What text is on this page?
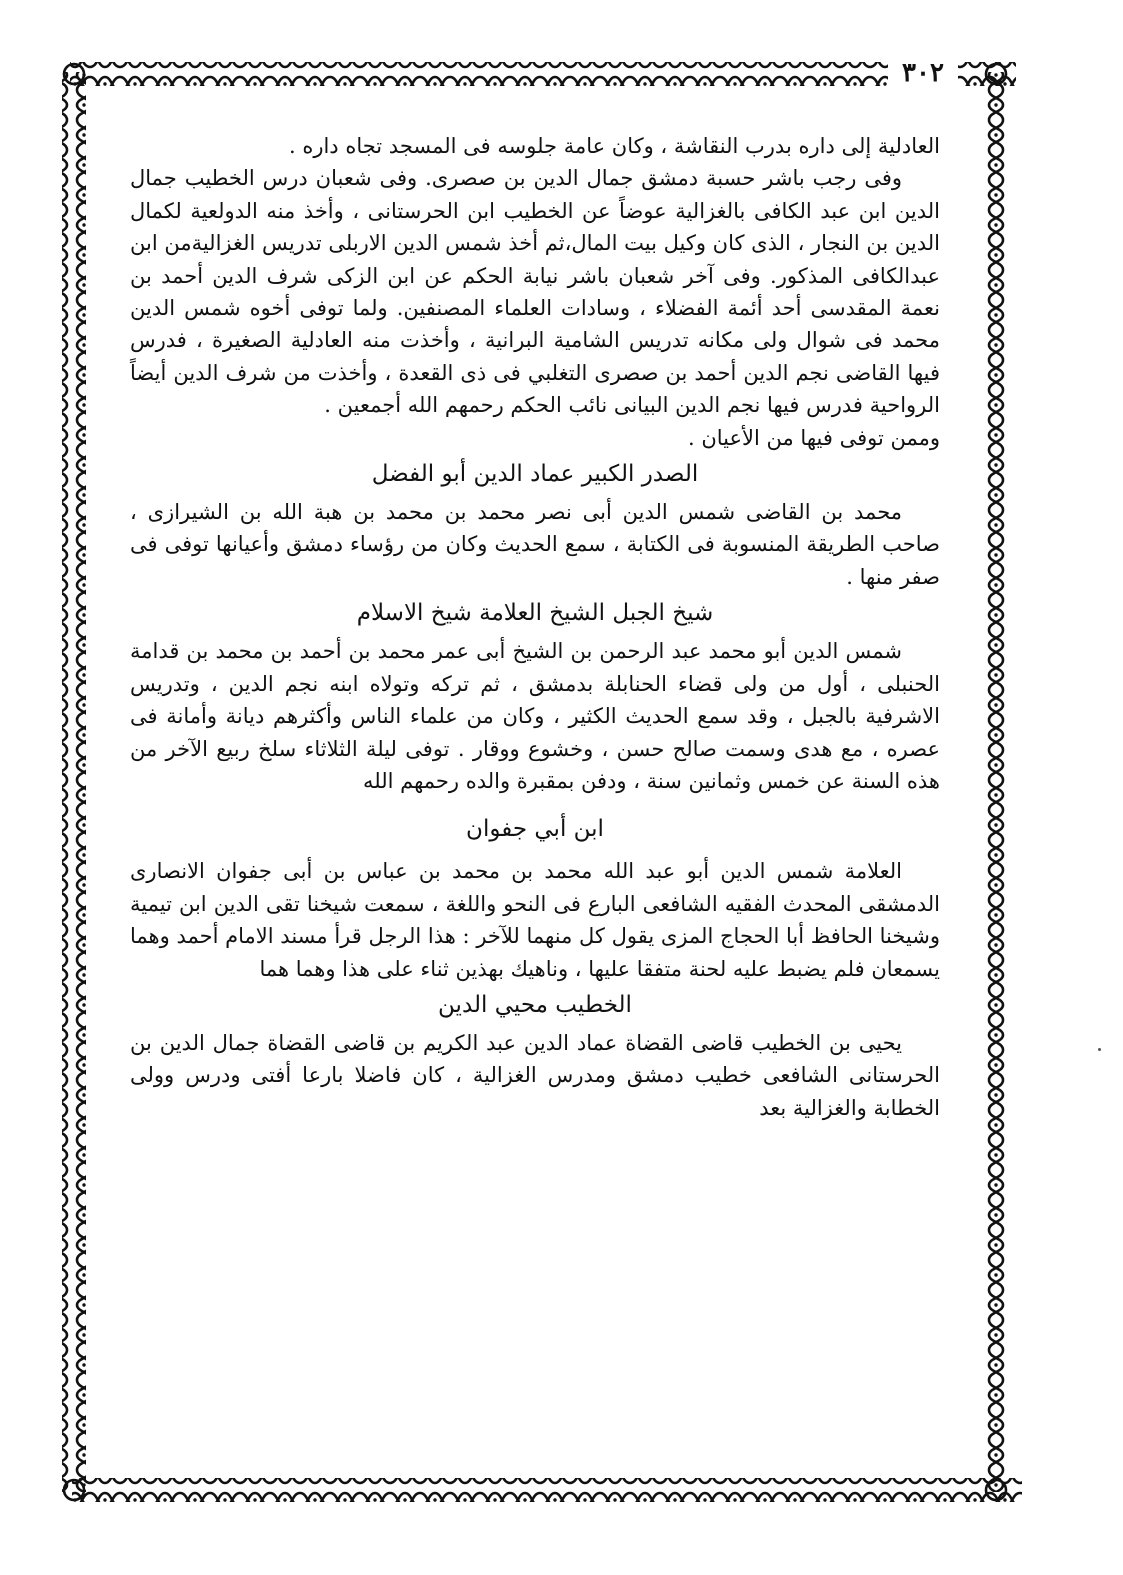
٣٠٢

العادلية إلى داره بدرب النقاشة ، وكان عامة جلوسه فى المسجد تجاه داره .

وفى رجب باشر حسبة دمشق جمال الدين بن صصرى. وفى شعبان درس الخطيب جمال الدين ابن عبد الكافى بالغزالية عوضاً عن الخطيب ابن الحرستانى ، وأخذ منه الدولعية لكمال الدين بن النجار ، الذى كان وكيل بيت المال،ثم أخذ شمس الدين الاربلى تدريس الغزاليةمن ابن عبدالكافى المذكور. وفى آخر شعبان باشر نيابة الحكم عن ابن الزكى شرف الدين أحمد بن نعمة المقدسى أحد أئمة الفضلاء ، وسادات العلماء المصنفين. ولما توفى أخوه شمس الدين محمد فى شوال ولى مكانه تدريس الشامية البرانية ، وأخذت منه العادلية الصغيرة ، فدرس فيها القاضى نجم الدين أحمد بن صصرى التغلبي فى ذى القعدة ، وأخذت من شرف الدين أيضاً الرواحية فدرس فيها نجم الدين البيانى نائب الحكم رحمهم الله أجمعين .

وممن توفى فيها من الأعيان .

الصدر الكبير عماد الدين أبو الفضل

محمد بن القاضى شمس الدين أبى نصر محمد بن محمد بن هبة الله بن الشيرازى ، صاحب الطريقة المنسوبة فى الكتابة ، سمع الحديث وكان من رؤساء دمشق وأعيانها توفى فى صفر منها .

شيخ الجبل الشيخ العلامة شيخ الاسلام

شمس الدين أبو محمد عبد الرحمن بن الشيخ أبى عمر محمد بن أحمد بن محمد بن قدامة الحنبلى ، أول من ولى قضاء الحنابلة بدمشق ، ثم تركه وتولاه ابنه نجم الدين ، وتدريس الاشرفية بالجبل ، وقد سمع الحديث الكثير ، وكان من علماء الناس وأكثرهم ديانة وأمانة فى عصره ، مع هدى وسمت صالح حسن ، وخشوع ووقار . توفى ليلة الثلاثاء سلخ ربيع الآخر من هذه السنة عن خمس وثمانين سنة ، ودفن بمقبرة والده رحمهم الله

ابن أبي جفوان

العلامة شمس الدين أبو عبد الله محمد بن محمد بن عباس بن أبى جفوان الانصارى الدمشقى المحدث الفقيه الشافعى البارع فى النحو واللغة ، سمعت شيخنا تقى الدين ابن تيمية وشيخنا الحافظ أبا الحجاج المزى يقول كل منهما للآخر : هذا الرجل قرأ مسند الامام أحمد وهما يسمعان فلم يضبط عليه لحنة متفقا عليها ، وناهيك بهذين ثناء على هذا وهما هما

الخطيب محيي الدين

يحيى بن الخطيب قاضى القضاة عماد الدين عبد الكريم بن قاضى القضاة جمال الدين بن الحرستانى الشافعى خطيب دمشق ومدرس الغزالية ، كان فاضلا بارعا أفتى ودرس وولى الخطابة والغزالية بعد
